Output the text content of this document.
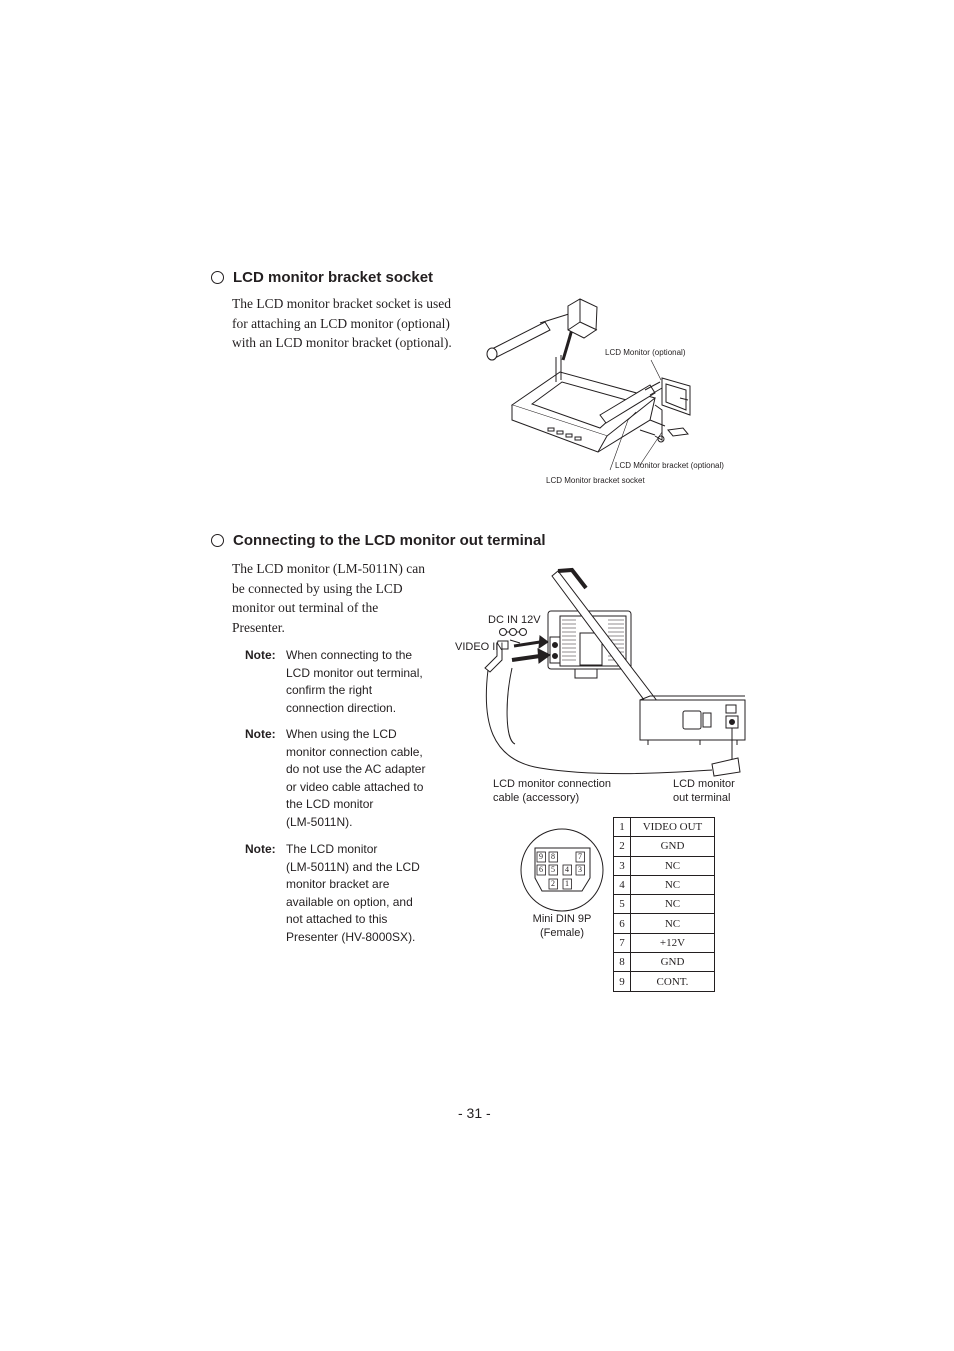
LCD monitor bracket socket
The LCD monitor bracket socket is used
for attaching an LCD monitor (optional)
with an LCD monitor bracket (optional).
LCD Monitor (optional)
LCD Monitor bracket (optional)
LCD Monitor bracket socket
Connecting to the LCD monitor out terminal
The LCD monitor (LM-5011N) can
be connected by using the LCD
monitor out terminal of the
Presenter.
Note: When connecting to the
LCD monitor out terminal,
confirm the right
connection direction.
Note: When using the LCD
monitor connection cable,
do not use the AC adapter
or video cable attached to
the LCD monitor
(LM-5011N).
Note: The LCD monitor
(LM-5011N) and the LCD
monitor bracket are
available on option, and
not attached to this
Presenter (HV-8000SX).
9 8	7
6 5 4 3
2 1
DC IN 12V
VIDEO IN
LCD monitor connection
cable (accessory)
LCD monitor
out terminal
Mini DIN 9P
(Female)
1	VIDEO OUT
2	GND
3	NC
4	NC
5	NC
6	NC
7	+12V
8	GND
9	CONT.
- 31 -
